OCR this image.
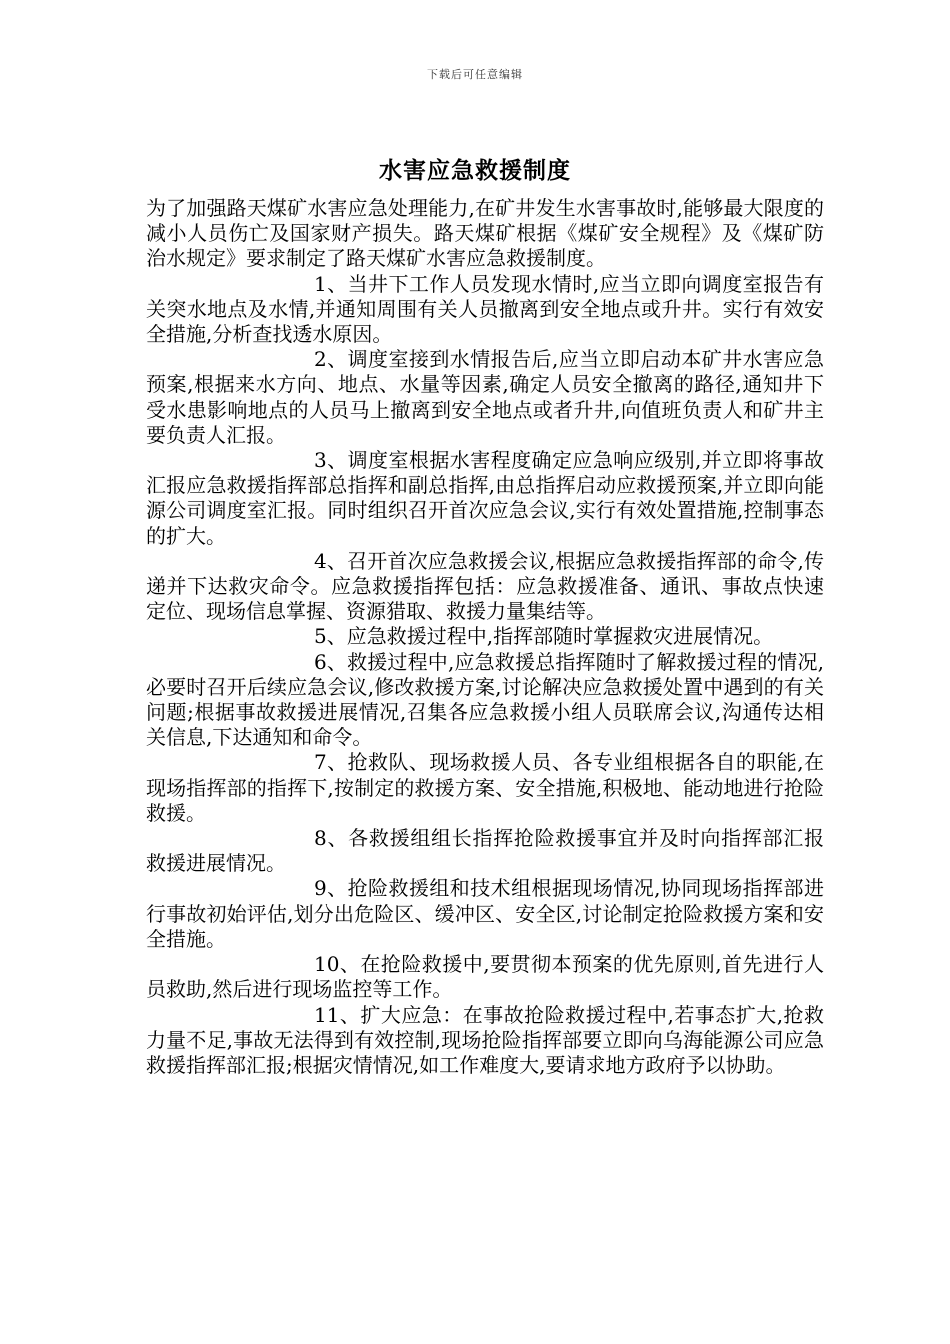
下载后可任意编辑
水害应急救援制度

为了加强路天煤矿水害应急处理能力,在矿井发生水害事故时,能够最大限度的减小人员伤亡及国家财产损失。路天煤矿根据《煤矿安全规程》及《煤矿防治水规定》要求制定了路天煤矿水害应急救援制度。

1、当井下工作人员发现水情时,应当立即向调度室报告有关突水地点及水情,并通知周围有关人员撤离到安全地点或升井。实行有效安全措施,分析查找透水原因。

2、调度室接到水情报告后,应当立即启动本矿井水害应急预案,根据来水方向、地点、水量等因素,确定人员安全撤离的路径,通知井下受水患影响地点的人员马上撤离到安全地点或者升井,向值班负责人和矿井主要负责人汇报。

3、调度室根据水害程度确定应急响应级别,并立即将事故汇报应急救援指挥部总指挥和副总指挥,由总指挥启动应救援预案,并立即向能源公司调度室汇报。同时组织召开首次应急会议,实行有效处置措施,控制事态的扩大。

4、召开首次应急救援会议,根据应急救援指挥部的命令,传递并下达救灾命令。应急救援指挥包括：应急救援准备、通讯、事故点快速定位、现场信息掌握、资源猎取、救援力量集结等。

5、应急救援过程中,指挥部随时掌握救灾进展情况。

6、救援过程中,应急救援总指挥随时了解救援过程的情况,必要时召开后续应急会议,修改救援方案,讨论解决应急救援处置中遇到的有关问题;根据事故救援进展情况,召集各应急救援小组人员联席会议,沟通传达相关信息,下达通知和命令。

7、抢救队、现场救援人员、各专业组根据各自的职能,在现场指挥部的指挥下,按制定的救援方案、安全措施,积极地、能动地进行抢险救援。

8、各救援组组长指挥抢险救援事宜并及时向指挥部汇报救援进展情况。

9、抢险救援组和技术组根据现场情况,协同现场指挥部进行事故初始评估,划分出危险区、缓冲区、安全区,讨论制定抢险救援方案和安全措施。

10、在抢险救援中,要贯彻本预案的优先原则,首先进行人员救助,然后进行现场监控等工作。

11、扩大应急：在事故抢险救援过程中,若事态扩大,抢救力量不足,事故无法得到有效控制,现场抢险指挥部要立即向乌海能源公司应急救援指挥部汇报;根据灾情情况,如工作难度大,要请求地方政府予以协助。
